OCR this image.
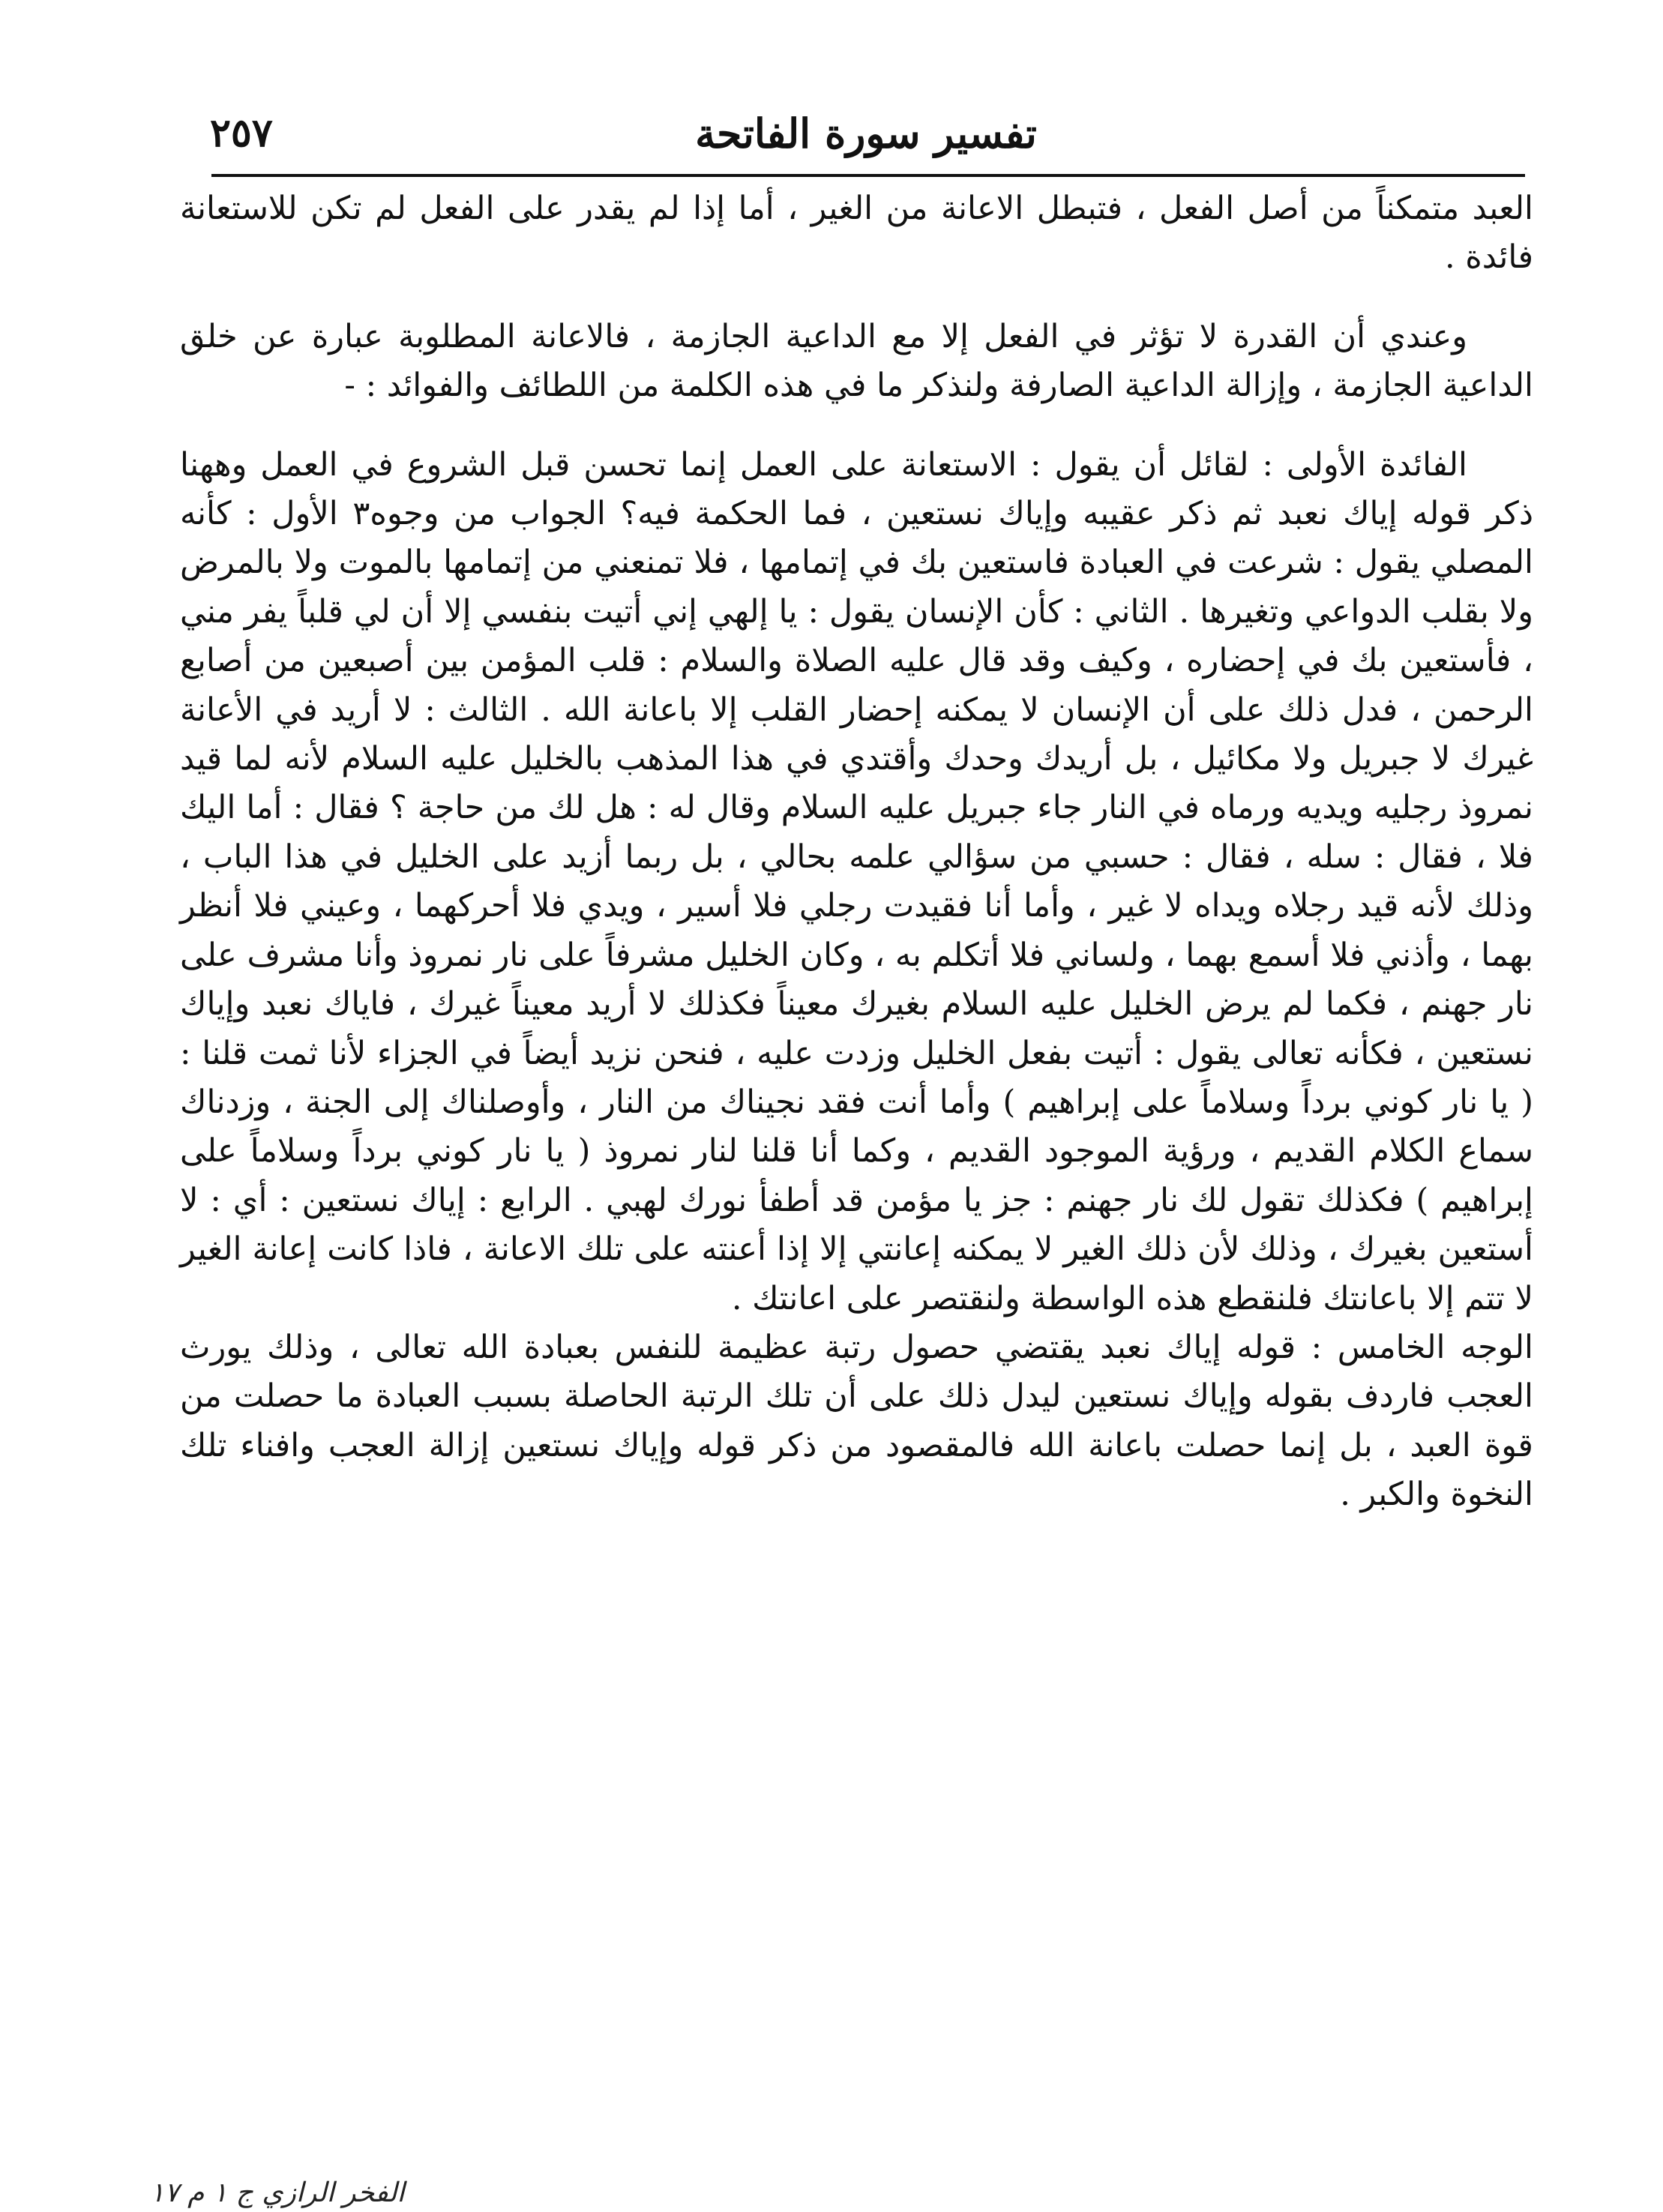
تفسير سورة الفاتحة
٢٥٧

العبد متمكناً من أصل الفعل ، فتبطل الاعانة من الغير ، أما إذا لم يقدر على الفعل لم تكن للاستعانة فائدة .

وعندي أن القدرة لا تؤثر في الفعل إلا مع الداعية الجازمة ، فالاعانة المطلوبة عبارة عن خلق الداعية الجازمة ، وإزالة الداعية الصارفة ولنذكر ما في هذه الكلمة من اللطائف والفوائد : -

الفائدة الأولى : لقائل أن يقول : الاستعانة على العمل إنما تحسن قبل الشروع في العمل وههنا ذكر قوله إياك نعبد ثم ذكر عقيبه وإياك نستعين ، فما الحكمة فيه؟ الجواب من وجوه٣ الأول : كأنه المصلي يقول : شرعت في العبادة فاستعين بك في إتمامها ، فلا تمنعني من إتمامها بالموت ولا بالمرض ولا بقلب الدواعي وتغيرها . الثاني : كأن الإنسان يقول : يا إلهي إني أتيت بنفسي إلا أن لي قلباً يفر مني ، فأستعين بك في إحضاره ، وكيف وقد قال عليه الصلاة والسلام : قلب المؤمن بين أصبعين من أصابع الرحمن ، فدل ذلك على أن الإنسان لا يمكنه إحضار القلب إلا باعانة الله . الثالث : لا أريد في الأعانة غيرك لا جبريل ولا مكائيل ، بل أريدك وحدك وأقتدي في هذا المذهب بالخليل عليه السلام لأنه لما قيد نمروذ رجليه ويديه ورماه في النار جاء جبريل عليه السلام وقال له : هل لك من حاجة ؟ فقال : أما اليك فلا ، فقال : سله ، فقال : حسبي من سؤالي علمه بحالي ، بل ربما أزيد على الخليل في هذا الباب ، وذلك لأنه قيد رجلاه ويداه لا غير ، وأما أنا فقيدت رجلي فلا أسير ، ويدي فلا أحركهما ، وعيني فلا أنظر بهما ، وأذني فلا أسمع بهما ، ولساني فلا أتكلم به ، وكان الخليل مشرفاً على نار نمروذ وأنا مشرف على نار جهنم ، فكما لم يرض الخليل عليه السلام بغيرك معيناً فكذلك لا أريد معيناً غيرك ، فاياك نعبد وإياك نستعين ، فكأنه تعالى يقول : أتيت بفعل الخليل وزدت عليه ، فنحن نزيد أيضاً في الجزاء لأنا ثمت قلنا : ( يا نار كوني برداً وسلاماً على إبراهيم ) وأما أنت فقد نجيناك من النار ، وأوصلناك إلى الجنة ، وزدناك سماع الكلام القديم ، ورؤية الموجود القديم ، وكما أنا قلنا لنار نمروذ ( يا نار كوني برداً وسلاماً على إبراهيم ) فكذلك تقول لك نار جهنم : جز يا مؤمن قد أطفأ نورك لهبي . الرابع : إياك نستعين : أي : لا أستعين بغيرك ، وذلك لأن ذلك الغير لا يمكنه إعانتي إلا إذا أعنته على تلك الاعانة ، فاذا كانت إعانة الغير لا تتم إلا باعانتك فلنقطع هذه الواسطة ولنقتصر على اعانتك .

الوجه الخامس : قوله إياك نعبد يقتضي حصول رتبة عظيمة للنفس بعبادة الله تعالى ، وذلك يورث العجب فاردف بقوله وإياك نستعين ليدل ذلك على أن تلك الرتبة الحاصلة بسبب العبادة ما حصلت من قوة العبد ، بل إنما حصلت باعانة الله فالمقصود من ذكر قوله وإياك نستعين إزالة العجب وافناء تلك النخوة والكبر .

الفخر الرازي ج ١ م ١٧
